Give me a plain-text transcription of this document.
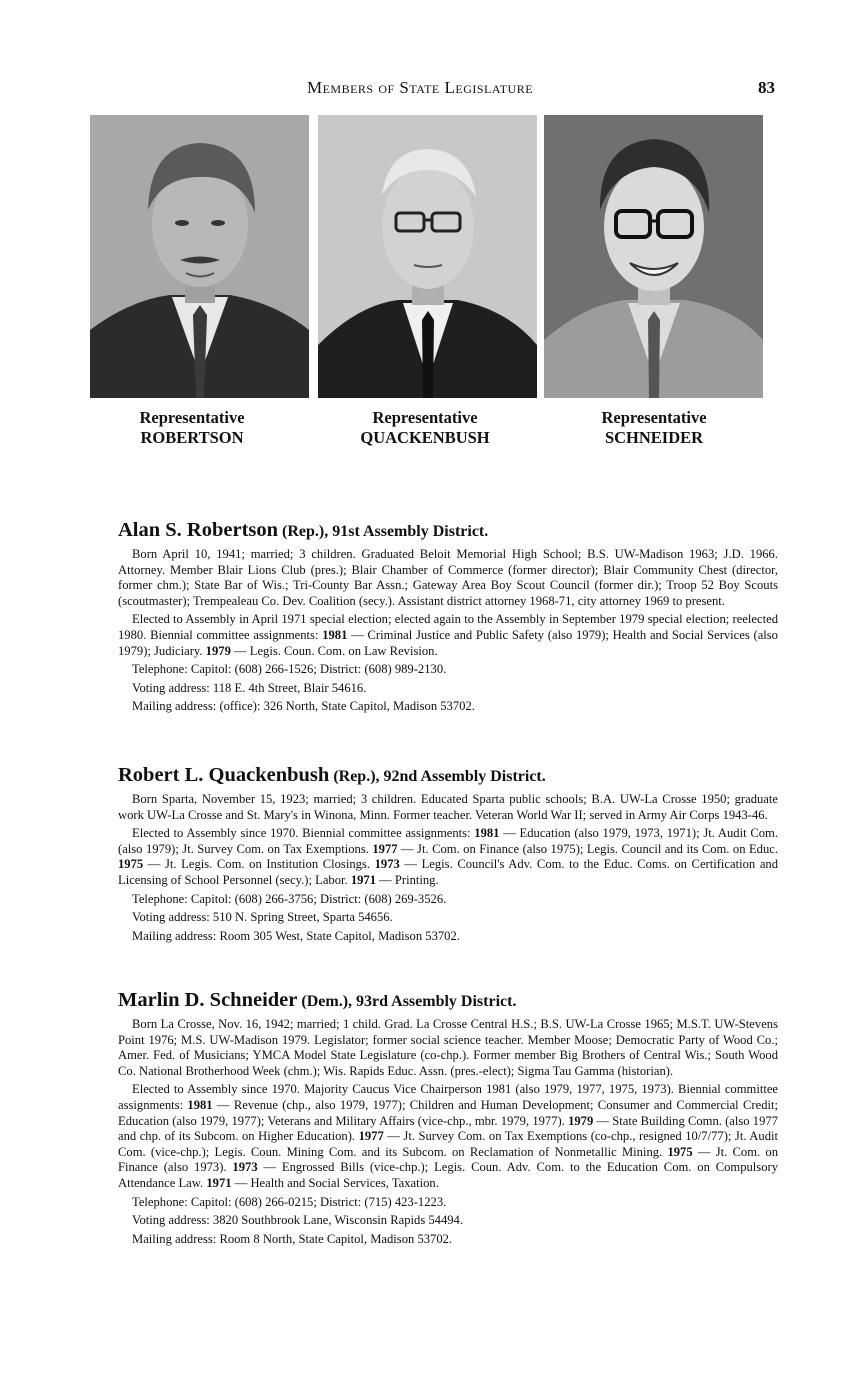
Members of State Legislature	83
Representative
ROBERTSON
Representative
QUACKENBUSH
Representative
SCHNEIDER
Alan S. Robertson (Rep.), 91st Assembly District.

Born April 10, 1941; married; 3 children. Graduated Beloit Memorial High School; B.S. UW-Madison 1963; J.D. 1966. Attorney. Member Blair Lions Club (pres.); Blair Chamber of Commerce (former director); Blair Community Chest (director, former chm.); State Bar of Wis.; Tri-County Bar Assn.; Gateway Area Boy Scout Council (former dir.); Troop 52 Boy Scouts (scoutmaster); Trempealeau Co. Dev. Coalition (secy.). Assistant district attorney 1968-71, city attorney 1969 to present.

Elected to Assembly in April 1971 special election; elected again to the Assembly in September 1979 special election; reelected 1980. Biennial committee assignments: 1981 — Criminal Justice and Public Safety (also 1979); Health and Social Services (also 1979); Judiciary. 1979 — Legis. Coun. Com. on Law Revision.

Telephone: Capitol: (608) 266-1526; District: (608) 989-2130.

Voting address: 118 E. 4th Street, Blair 54616.

Mailing address: (office): 326 North, State Capitol, Madison 53702.

Robert L. Quackenbush (Rep.), 92nd Assembly District.

Born Sparta, November 15, 1923; married; 3 children. Educated Sparta public schools; B.A. UW-La Crosse 1950; graduate work UW-La Crosse and St. Mary's in Winona, Minn. Former teacher. Veteran World War II; served in Army Air Corps 1943-46.

Elected to Assembly since 1970. Biennial committee assignments: 1981 — Education (also 1979, 1973, 1971); Jt. Audit Com. (also 1979); Jt. Survey Com. on Tax Exemptions. 1977 — Jt. Com. on Finance (also 1975); Legis. Council and its Com. on Educ. 1975 — Jt. Legis. Com. on Institution Closings. 1973 — Legis. Council's Adv. Com. to the Educ. Coms. on Certification and Licensing of School Personnel (secy.); Labor. 1971 — Printing.

Telephone: Capitol: (608) 266-3756; District: (608) 269-3526.

Voting address: 510 N. Spring Street, Sparta 54656.

Mailing address: Room 305 West, State Capitol, Madison 53702.

Marlin D. Schneider (Dem.), 93rd Assembly District.

Born La Crosse, Nov. 16, 1942; married; 1 child. Grad. La Crosse Central H.S.; B.S. UW-La Crosse 1965; M.S.T. UW-Stevens Point 1976; M.S. UW-Madison 1979. Legislator; former social science teacher. Member Moose; Democratic Party of Wood Co.; Amer. Fed. of Musicians; YMCA Model State Legislature (co-chp.). Former member Big Brothers of Central Wis.; South Wood Co. National Brotherhood Week (chm.); Wis. Rapids Educ. Assn. (pres.-elect); Sigma Tau Gamma (historian).

Elected to Assembly since 1970. Majority Caucus Vice Chairperson 1981 (also 1979, 1977, 1975, 1973). Biennial committee assignments: 1981 — Revenue (chp., also 1979, 1977); Children and Human Development; Consumer and Commercial Credit; Education (also 1979, 1977); Veterans and Military Affairs (vice-chp., mbr. 1979, 1977). 1979 — State Building Comn. (also 1977 and chp. of its Subcom. on Higher Education). 1977 — Jt. Survey Com. on Tax Exemptions (co-chp., resigned 10/7/77); Jt. Audit Com. (vice-chp.); Legis. Coun. Mining Com. and its Subcom. on Reclamation of Nonmetallic Mining. 1975 — Jt. Com. on Finance (also 1973). 1973 — Engrossed Bills (vice-chp.); Legis. Coun. Adv. Com. to the Education Com. on Compulsory Attendance Law. 1971 — Health and Social Services, Taxation.

Telephone: Capitol: (608) 266-0215; District: (715) 423-1223.

Voting address: 3820 Southbrook Lane, Wisconsin Rapids 54494.

Mailing address: Room 8 North, State Capitol, Madison 53702.
